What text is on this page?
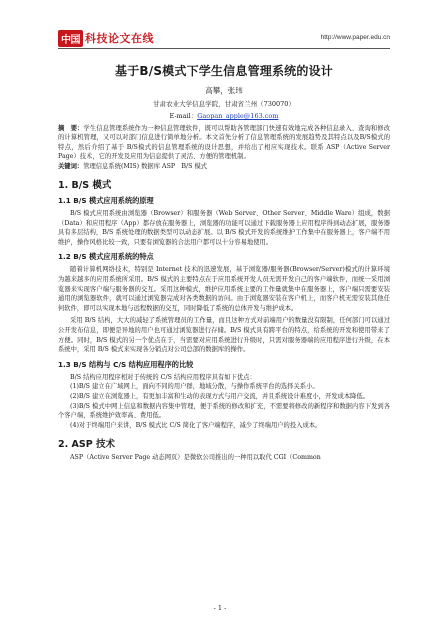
中国 科技论文在线	http://www.paper.edu.cn
基于B/S模式下学生信息管理系统的设计
高攀，张玮
甘肃农业大学信息学院，甘肃省兰州（730070）
E-mail：Gaopan_apple@163.com
摘　要：学生信息管理系统作为一种信息管理软件，既可以帮助各管理部门快速有效地完成各种信息录入、查询和修改的计算机管理，又可以对部门信息进行简单地分析。本文首先分析了信息管理系统的发展趋势及其特点以及B/S模式的特点，然后介绍了基于 B/S模式的信息管理系统的设计思想，并给出了相应实现技术。联系 ASP（Active Server Page）技术，它的开发及应用为信息提供了灵活、方便的管理机制。
关键词：管理信息系统(MIS) 数据库 ASP　B/S 模式
1. B/S 模式
1.1 B/S 模式应用系统的原理
B/S 模式应用系统由浏览器（Browser）和服务器（Web Server、Other Server、Middle Ware）组成，数据（Data）和应用程序（App）都存放在服务器上，浏览器的功能可以通过下载服务器上应用程序得到动态扩展，服务器具有多层结构，B/S 系统处理的数据类型可以动态扩展。以 B/S 模式开发的系统维护工作集中在服务器上，客户端不用维护，操作风格比较一致，只要有浏览器的合法用户都可以十分容易地使用。
1.2 B/S 模式应用系统的特点
随着计算机网络技术，特别是 Internet 技术的迅速发展，基于浏览器/服务器(Browser/Server)模式的计算环境为越来越多的应用系统所采用。B/S 模式的主要特点在于应用系统开发人员无需开发自己的客户端软件，而统一采用浏览器来实现客户端与服务器的交互。采用这种模式，维护应用系统主要的工作量就集中在服务器上，客户端只需要安装通用的浏览器软件，就可以通过浏览器完成对各类数据的访问。由于浏览器安装在客户机上，而客户机无需安装其他任何软件，即可以实现本地与远程数据的交互，同时降低了系统的总体开发与维护成本。
采用 B/S 结构，大大的减轻了系统管理员的工作量，而且这种方式对前端用户的数量没有限制，任何部门可以通过公开发布信息，即便是异地的用户也可通过浏览器进行存储。B/S 模式具有跨平台的特点，给系统的开发和使用带来了方便。同时，B/S 模式的另一个优点在于，当需要对应用系统进行升级时，只需对服务器端的应用程序进行升级，在本系统中，采用 B/S 模式来实现各分销点对公司总部的数据库的操作。
1.3 B/S 结构与 C/S 结构应用程序的比较
B/S 结构应用程序相对于传统的 C/S 结构应用程序具有如下优点：
(1)B/S 建立在广域网上，面向不同的用户群，地域分散，与操作系统平台的选择关系小。
(2)B/S 建立在浏览器上，有更加丰富和生动的表现方式与用户交流，并且系统设计难度小，开发成本降低。
(3)B/S 模式中网上信息和数据内容集中管理，便于系统的修改和扩充，不需要将修改的新程序和数据内容下发到各个客户端，系统维护效率高、费用低。
(4)对于终端用户来讲，B/S 模式比 C/S 简化了客户端程序，减少了终端用户的投入成本。
2. ASP 技术
ASP（Active Server Page 动态网页）是微软公司推出的一种用以取代 CGI（Common
- 1 -
